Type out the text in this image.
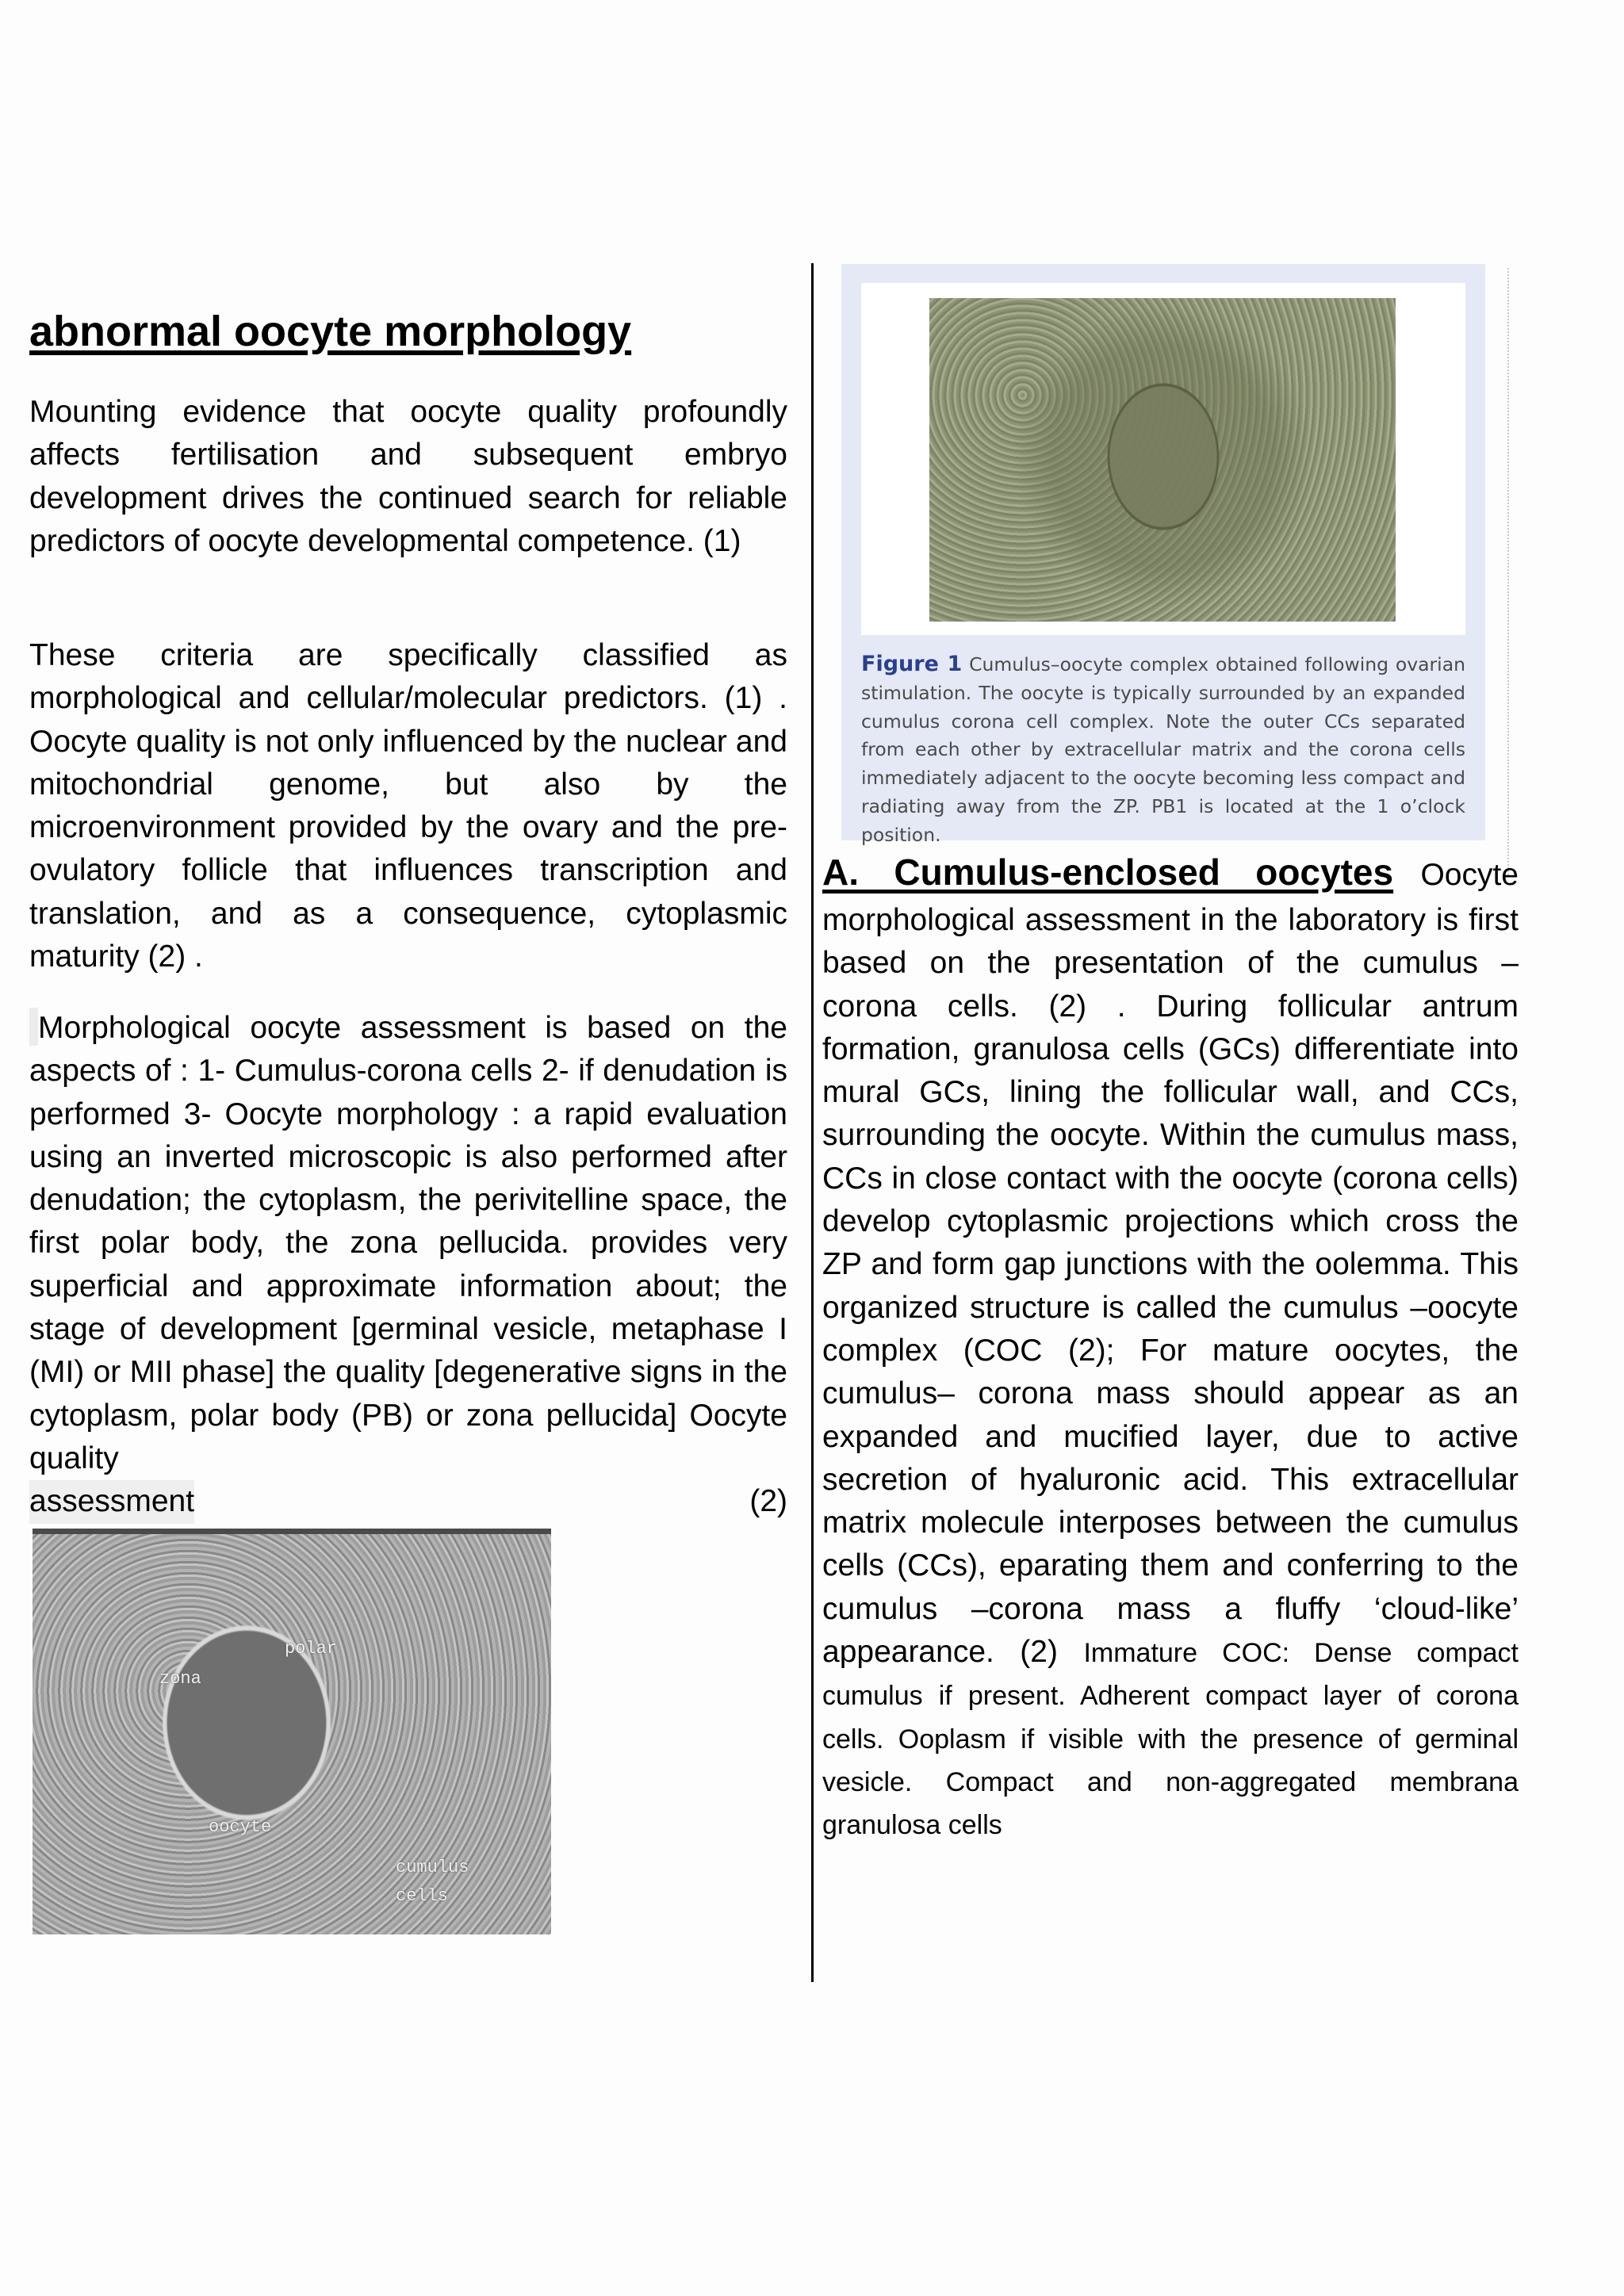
abnormal oocyte morphology
Mounting evidence that oocyte quality profoundly affects fertilisation and subsequent embryo development drives the continued search for reliable predictors of oocyte developmental competence. (1)
These criteria are specifically classified as morphological and cellular/molecular predictors. (1) . Oocyte quality is not only influenced by the nuclear and mitochondrial genome, but also by the microenvironment provided by the ovary and the pre-ovulatory follicle that influences transcription and translation, and as a consequence, cytoplasmic maturity (2) .
Morphological oocyte assessment is based on the aspects of : 1- Cumulus-corona cells 2- if denudation is performed 3- Oocyte morphology : a rapid evaluation using an inverted microscopic is also performed after denudation; the cytoplasm, the perivitelline space, the first polar body, the zona pellucida. provides very superficial and approximate information about; the stage of development [germinal vesicle, metaphase I (MI) or MII phase] the quality [degenerative signs in the cytoplasm, polar body (PB) or zona pellucida] Oocyte quality
assessment	(2)
zona
polar
oocyte
cumulus
cells
Figure 1 Cumulus–oocyte complex obtained following ovarian stimulation. The oocyte is typically surrounded by an expanded cumulus corona cell complex. Note the outer CCs separated from each other by extracellular matrix and the corona cells immediately adjacent to the oocyte becoming less compact and radiating away from the ZP. PB1 is located at the 1 o’clock position.
A. Cumulus-enclosed oocytes Oocyte
morphological assessment in the laboratory is first based on the presentation of the cumulus – corona cells. (2) . During follicular antrum formation, granulosa cells (GCs) differentiate into mural GCs, lining the follicular wall, and CCs, surrounding the oocyte. Within the cumulus mass, CCs in close contact with the oocyte (corona cells) develop cytoplasmic projections which cross the ZP and form gap junctions with the oolemma. This organized structure is called the cumulus –oocyte complex (COC (2); For mature oocytes, the cumulus– corona mass should appear as an expanded and mucified layer, due to active secretion of hyaluronic acid. This extracellular matrix molecule interposes between the cumulus cells (CCs), eparating them and conferring to the cumulus –corona mass a fluffy ‘cloud-like’ appearance. (2) Immature COC: Dense compact cumulus if present. Adherent compact layer of corona cells. Ooplasm if visible with the presence of germinal vesicle. Compact and non-aggregated membrana granulosa cells
